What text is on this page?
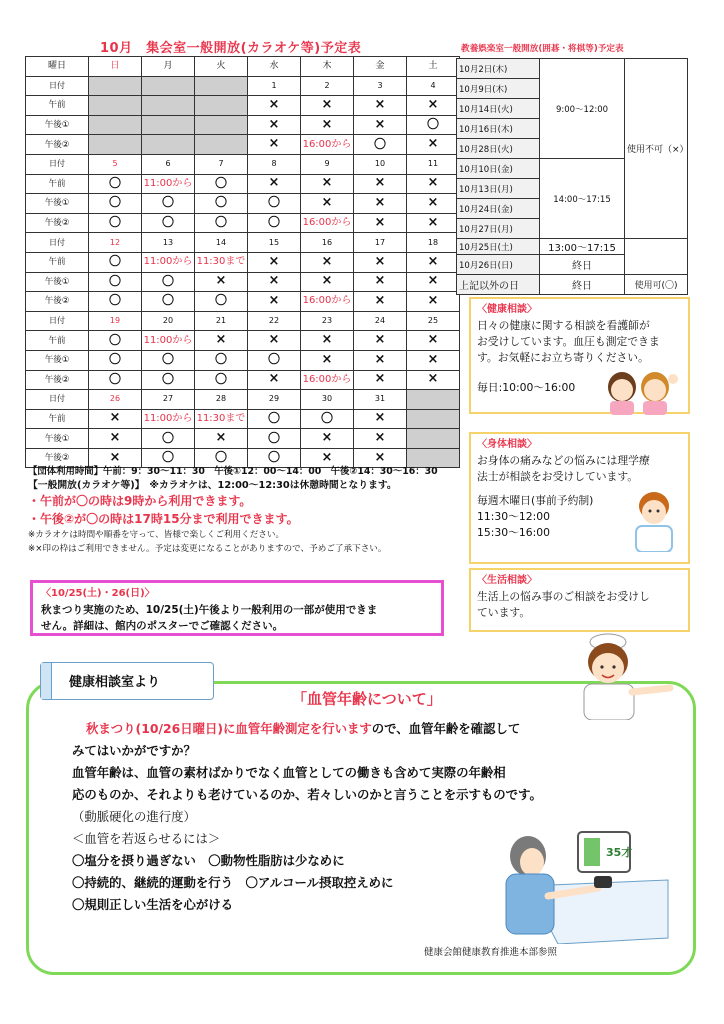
10月　集会室一般開放(カラオケ等)予定表
曜日	日	月	火	水	木	金	土
日付				1	2	3	4
午前				×	×	×	×
午後①				×	×	×	〇
午後②				×	16:00から	〇	×
日付	5	6	7	8	9	10	11
午前	〇	11:00から	〇	×	×	×	×
午後①	〇	〇	〇	〇	×	×	×
午後②	〇	〇	〇	〇	16:00から	×	×
日付	12	13	14	15	16	17	18
午前	〇	11:00から	11:30まで	×	×	×	×
午後①	〇	〇	×	×	×	×	×
午後②	〇	〇	〇	×	16:00から	×	×
日付	19	20	21	22	23	24	25
午前	〇	11:00から	×	×	×	×	×
午後①	〇	〇	〇	〇	×	×	×
午後②	〇	〇	〇	×	16:00から	×	×
日付	26	27	28	29	30	31	
午前	×	11:00から	11:30まで	〇	〇	×	
午後①	×	〇	×	〇	×	×	
午後②	×	〇	〇	〇	×	×	
教養娯楽室一般開放(囲碁・将棋等)予定表
10月2日(木)	9:00～12:00	使用不可（×）
10月9日(木)		
10月14日(火)		
10月16日(木)		
10月28日(火)		
10月10日(金)	14:00～17:15	
10月13日(月)		
10月24日(金)		
10月27日(月)		
10月25日(土)	13:00～17:15	
10月26日(日)	終日	
上記以外の日	終日	使用可(〇)
〈健康相談〉
日々の健康に関する相談を看護師が
お受けしています。血圧も測定できま
す。お気軽にお立ち寄りください。
毎日:10:00～16:00
〈身体相談〉
お身体の痛みなどの悩みには理学療
法士が相談をお受けしています。
毎週木曜日(事前予約制)
11:30～12:00
15:30～16:00
〈生活相談〉
生活上の悩み事のご相談をお受けし
ています。
【団体利用時間】午前：9：30～11：30　午後①12：00～14：00　午後②14：30～16：30
【一般開放(カラオケ等)】　※カラオケは、12:00～12:30は休憩時間となります。
・午前が〇の時は9時から利用できます。
・午後②が〇の時は17時15分まで利用できます。
※カラオケは時間や順番を守って、皆様で楽しくご利用ください。
※×印の枠はご利用できません。予定は変更になることがありますので、予めご了承下さい。
〈10/25(土)・26(日)〉
秋まつり実施のため、10/25(土)午後より一般利用の一部が使用できま
せん。詳細は、館内のポスターでご確認ください。
健康相談室より
「血管年齢について」

秋まつり(10/26日曜日)に血管年齢測定を行いますので、血管年齢を確認して

みてはいかがですか？

血管年齢は、血管の素材ばかりでなく血管としての働きも含めて実際の年齢相

応のものか、それよりも老けているのか、若々しいのかと言うことを示すものです。

（動脈硬化の進行度）

＜血管を若返らせるには＞

〇塩分を摂り過ぎない　〇動物性脂肪は少なめに

〇持続的、継続的運動を行う　〇アルコール摂取控えめに

〇規則正しい生活を心がける

35才
健康会館健康教育推進本部参照
